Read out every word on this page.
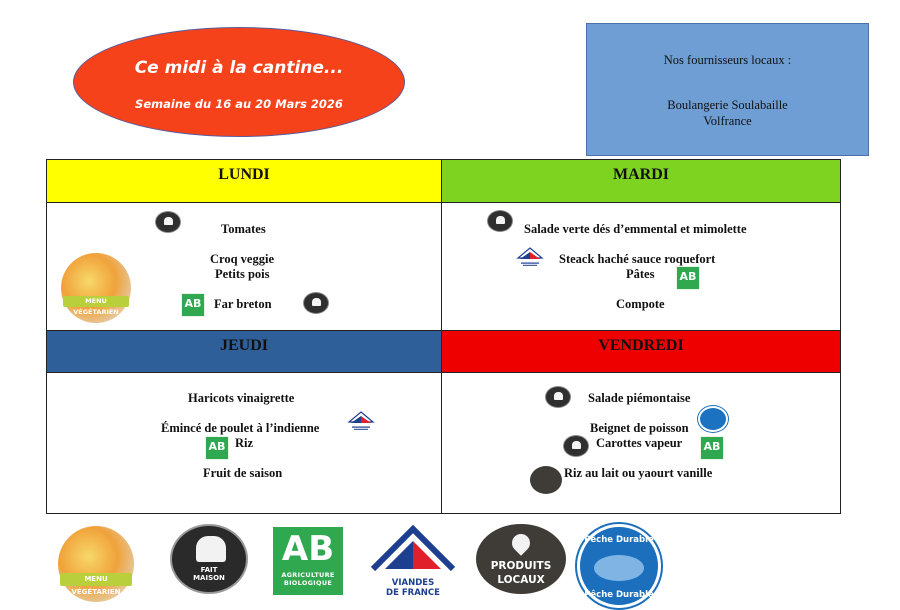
Ce midi à la cantine...
Semaine du 16 au 20 Mars 2026
Nos fournisseurs locaux :
Boulangerie Soulabaille
Volfrance
LUNDI	MARDI
JEUDI	VENDREDI
MENU VÉGÉTARIEN
Tomates
Croq veggie
Petits pois
AB Far breton
Salade verte dés d’emmental et mimolette
Steack haché sauce roquefort
Pâtes	AB
Compote
Haricots vinaigrette
Émincé de poulet à l’indienne
AB Riz
Fruit de saison
Salade piémontaise
Beignet de poisson
Carottes vapeur	AB
Riz au lait ou yaourt vanille
MENU VÉGÉTARIEN
FAIT
MAISON
AB
AGRICULTURE
BIOLOGIQUE	VIANDES
DE FRANCE
PRODUITS
LOCAUX
Pêche Durable
Pêche Durable
